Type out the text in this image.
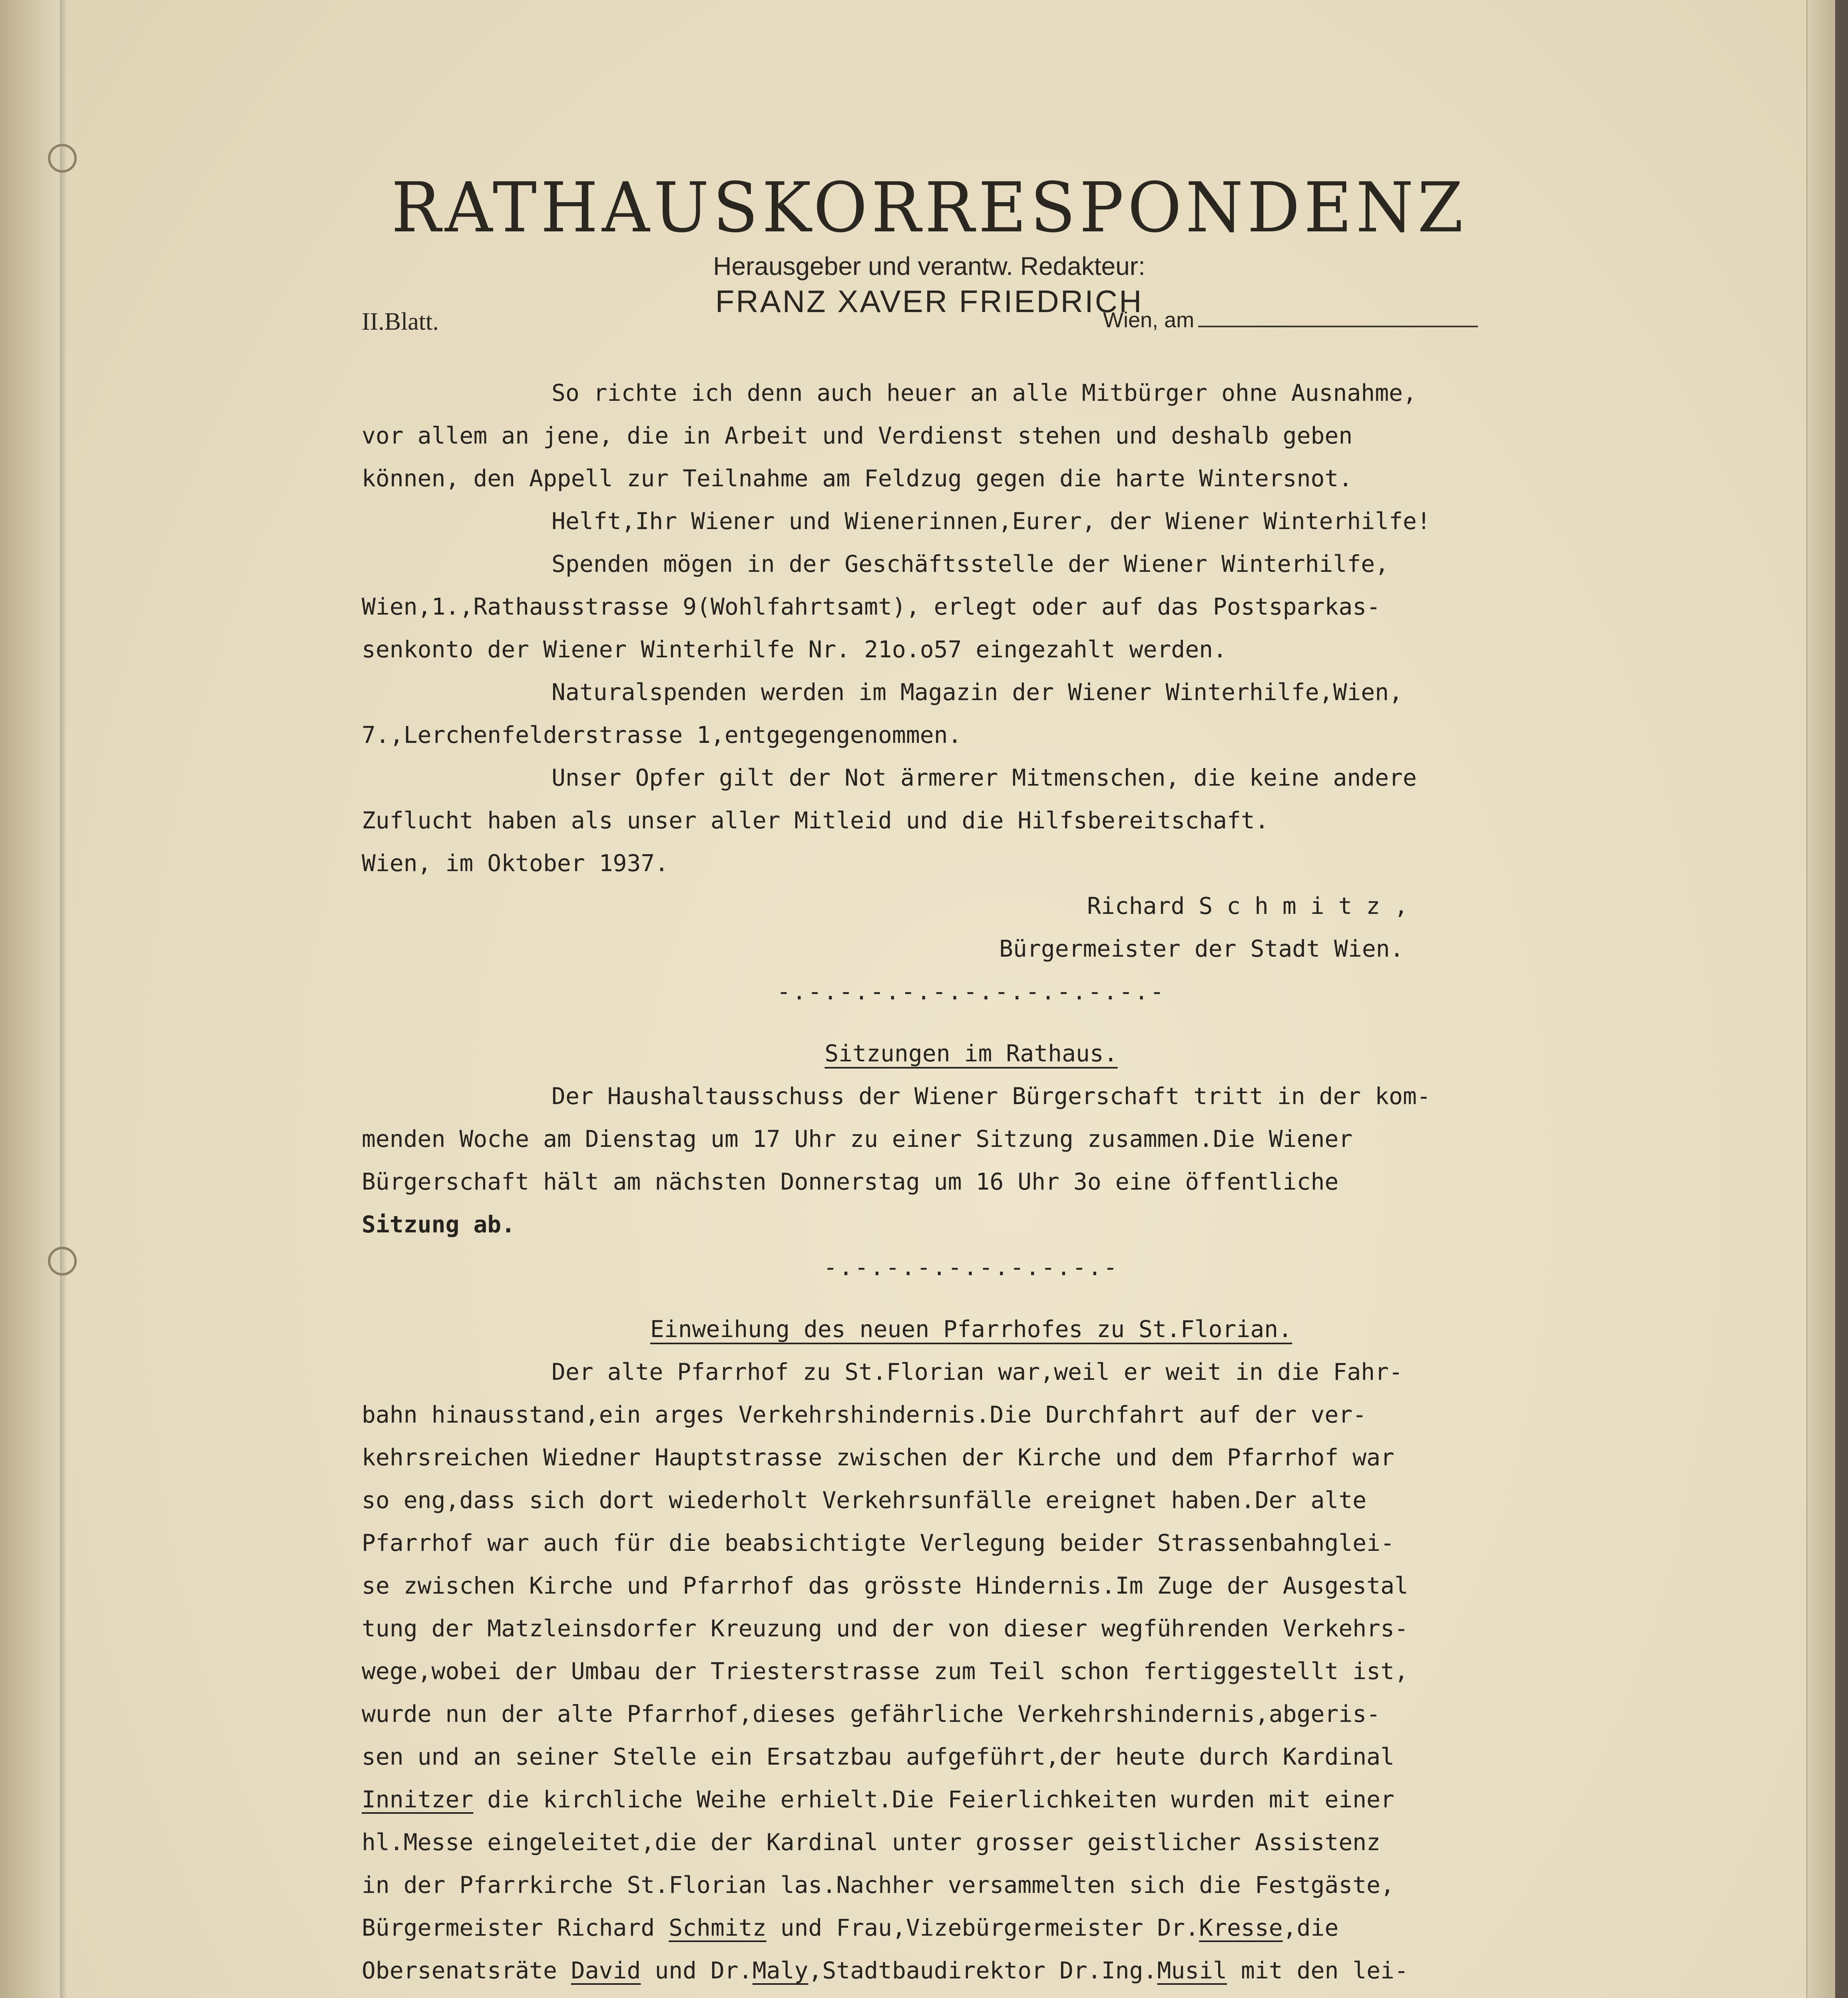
RATHAUSKORRESPONDENZ
Herausgeber und verantw. Redakteur:
FRANZ XAVER FRIEDRICH
II.Blatt.	Wien, am
So richte ich denn auch heuer an alle Mitbürger ohne Ausnahme,
vor allem an jene, die in Arbeit und Verdienst stehen und deshalb geben
können, den Appell zur Teilnahme am Feldzug gegen die harte Wintersnot.
Helft,Ihr Wiener und Wienerinnen,Eurer, der Wiener Winterhilfe!
Spenden mögen in der Geschäftsstelle der Wiener Winterhilfe,
Wien,1.,Rathausstrasse 9(Wohlfahrtsamt), erlegt oder auf das Postsparkas-
senkonto der Wiener Winterhilfe Nr. 21o.o57 eingezahlt werden.
Naturalspenden werden im Magazin der Wiener Winterhilfe,Wien,
7.,Lerchenfelderstrasse 1,entgegengenommen.
Unser Opfer gilt der Not ärmerer Mitmenschen, die keine andere
Zuflucht haben als unser aller Mitleid und die Hilfsbereitschaft.
Wien, im Oktober 1937.
Richard S c h m i t z ,
Bürgermeister der Stadt Wien.
-.-.-.-.-.-.-.-.-.-.-.-.-
Sitzungen im Rathaus.
Der Haushaltausschuss der Wiener Bürgerschaft tritt in der kom-
menden Woche am Dienstag um 17 Uhr zu einer Sitzung zusammen.Die Wiener
Bürgerschaft hält am nächsten Donnerstag um 16 Uhr 3o eine öffentliche
Sitzung ab.
-.-.-.-.-.-.-.-.-.-
Einweihung des neuen Pfarrhofes zu St.Florian.
Der alte Pfarrhof zu St.Florian war,weil er weit in die Fahr-
bahn hinausstand,ein arges Verkehrshindernis.Die Durchfahrt auf der ver-
kehrsreichen Wiedner Hauptstrasse zwischen der Kirche und dem Pfarrhof war
so eng,dass sich dort wiederholt Verkehrsunfälle ereignet haben.Der alte
Pfarrhof war auch für die beabsichtigte Verlegung beider Strassenbahnglei-
se zwischen Kirche und Pfarrhof das grösste Hindernis.Im Zuge der Ausgestal
tung der Matzleinsdorfer Kreuzung und der von dieser wegführenden Verkehrs-
wege,wobei der Umbau der Triesterstrasse zum Teil schon fertiggestellt ist,
wurde nun der alte Pfarrhof,dieses gefährliche Verkehrshindernis,abgeris-
sen und an seiner Stelle ein Ersatzbau aufgeführt,der heute durch Kardinal
Innitzer die kirchliche Weihe erhielt.Die Feierlichkeiten wurden mit einer
hl.Messe eingeleitet,die der Kardinal unter grosser geistlicher Assistenz
in der Pfarrkirche St.Florian las.Nachher versammelten sich die Festgäste,
Bürgermeister Richard Schmitz und Frau,Vizebürgermeister Dr.Kresse,die
Obersenatsräte David und Dr.Maly,Stadtbaudirektor Dr.Ing.Musil mit den lei-
